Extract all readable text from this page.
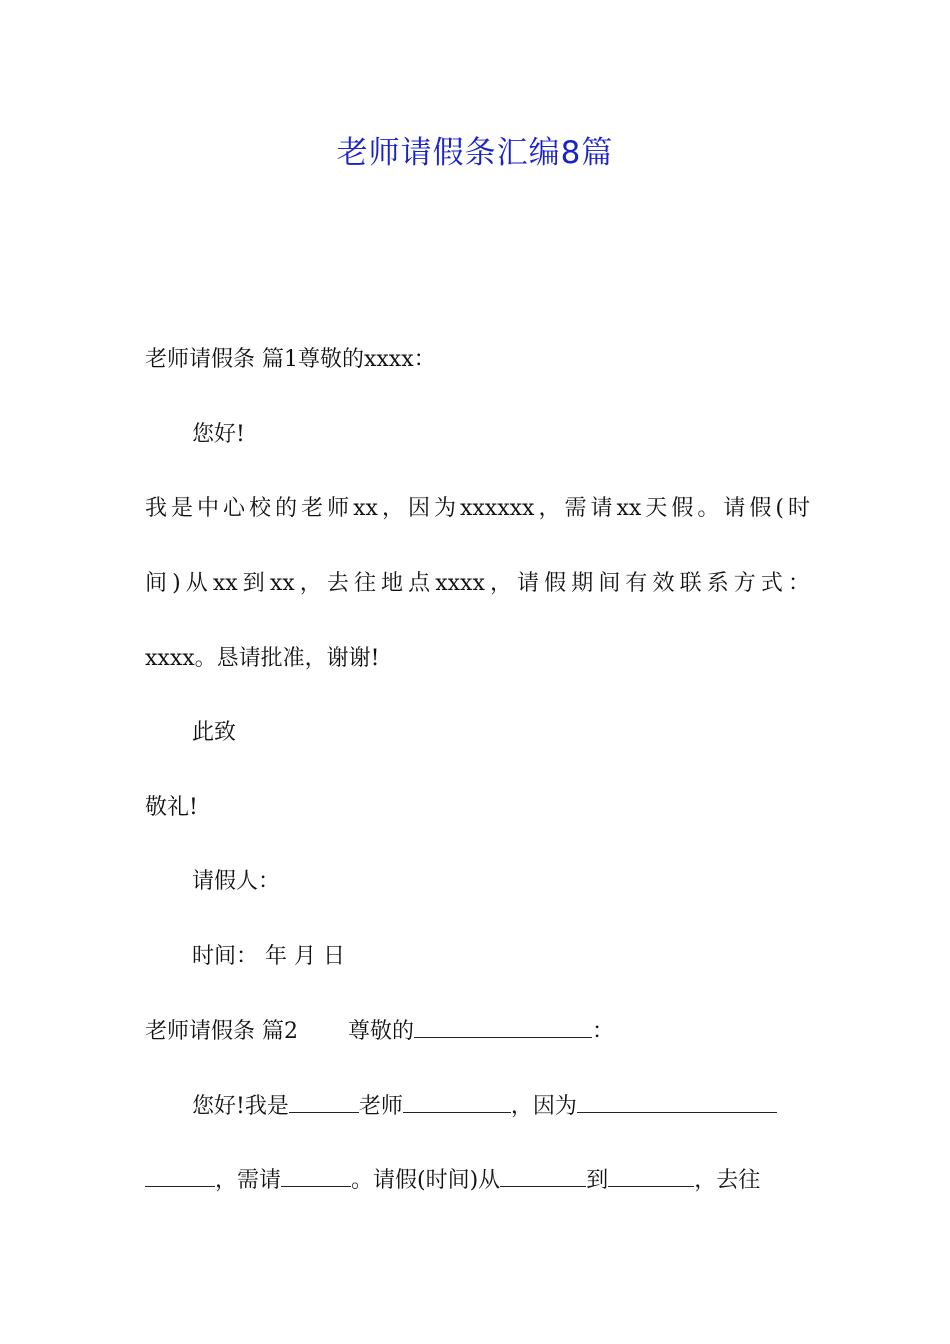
老师请假条汇编8篇
老师请假条 篇1尊敬的xxxx：
您好!
我是中心校的老师xx，因为xxxxxx，需请xx天假。请假(时
间)从xx到xx，去往地点xxxx，请假期间有效联系方式：
xxxx。恳请批准，谢谢!
此致
敬礼!
请假人：
时间： 年 月 日
老师请假条 篇2 尊敬的	：
您好!我是	老师	，因为
，需请	。请假(时间)从	到	，去往
